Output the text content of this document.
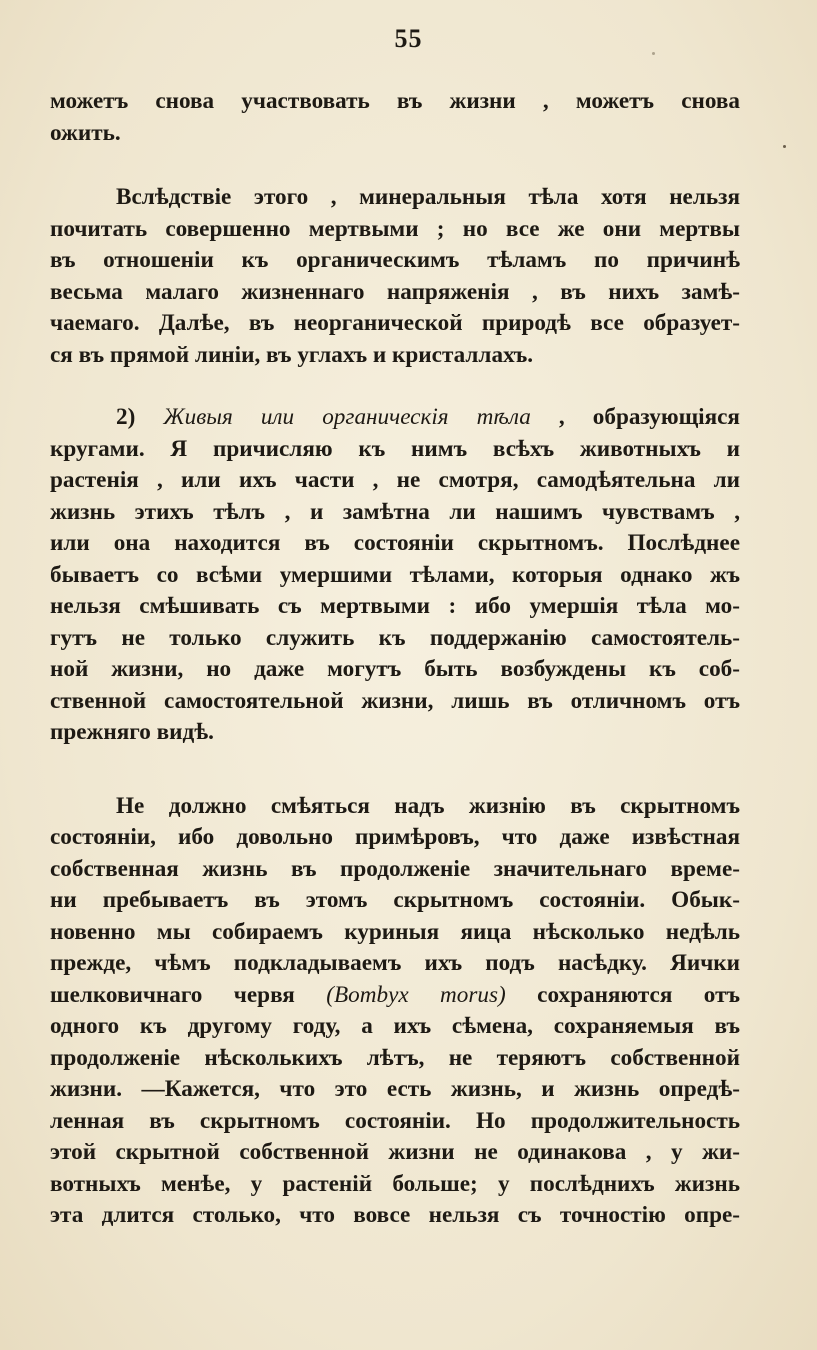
55
можетъ снова участвовать въ жизни , можетъ снова
ожить.
Вслѣдствіе этого , минеральныя тѣла хотя нельзя
почитать совершенно мертвыми ; но все же они мертвы
въ отношеніи къ органическимъ тѣламъ по причинѣ
весьма малаго жизненнаго напряженія , въ нихъ замѣ-
чаемаго. Далѣе, въ неорганической природѣ все образует-
ся въ прямой линіи, въ углахъ и кристаллахъ.
2) Живыя или органическія тѣла , образующіяся
кругами. Я причисляю къ нимъ всѣхъ животныхъ и
растенія , или ихъ части , не смотря, самодѣятельна ли
жизнь этихъ тѣлъ , и замѣтна ли нашимъ чувствамъ ,
или она находится въ состояніи скрытномъ. Послѣднее
бываетъ со всѣми умершими тѣлами, которыя однако жъ
нельзя смѣшивать съ мертвыми : ибо умершія тѣла мо-
гутъ не только служить къ поддержанію самостоятель-
ной жизни, но даже могутъ быть возбуждены къ соб-
ственной самостоятельной жизни, лишь въ отличномъ отъ
прежняго видѣ.
Не должно смѣяться надъ жизнію въ скрытномъ
состояніи, ибо довольно примѣровъ, что даже извѣстная
собственная жизнь въ продолженіе значительнаго време-
ни пребываетъ въ этомъ скрытномъ состояніи. Обык-
новенно мы собираемъ куриныя яица нѣсколько недѣль
прежде, чѣмъ подкладываемъ ихъ подъ насѣдку. Яички
шелковичнаго червя (Bombyx morus) сохраняются отъ
одного къ другому году, а ихъ сѣмена, сохраняемыя въ
продолженіе нѣсколькихъ лѣтъ, не теряютъ собственной
жизни. —Кажется, что это есть жизнь, и жизнь опредѣ-
ленная въ скрытномъ состояніи. Но продолжительность
этой скрытной собственной жизни не одинакова , у жи-
вотныхъ менѣе, у растеній больше; у послѣднихъ жизнь
эта длится столько, что вовсе нельзя съ точностію опре-
